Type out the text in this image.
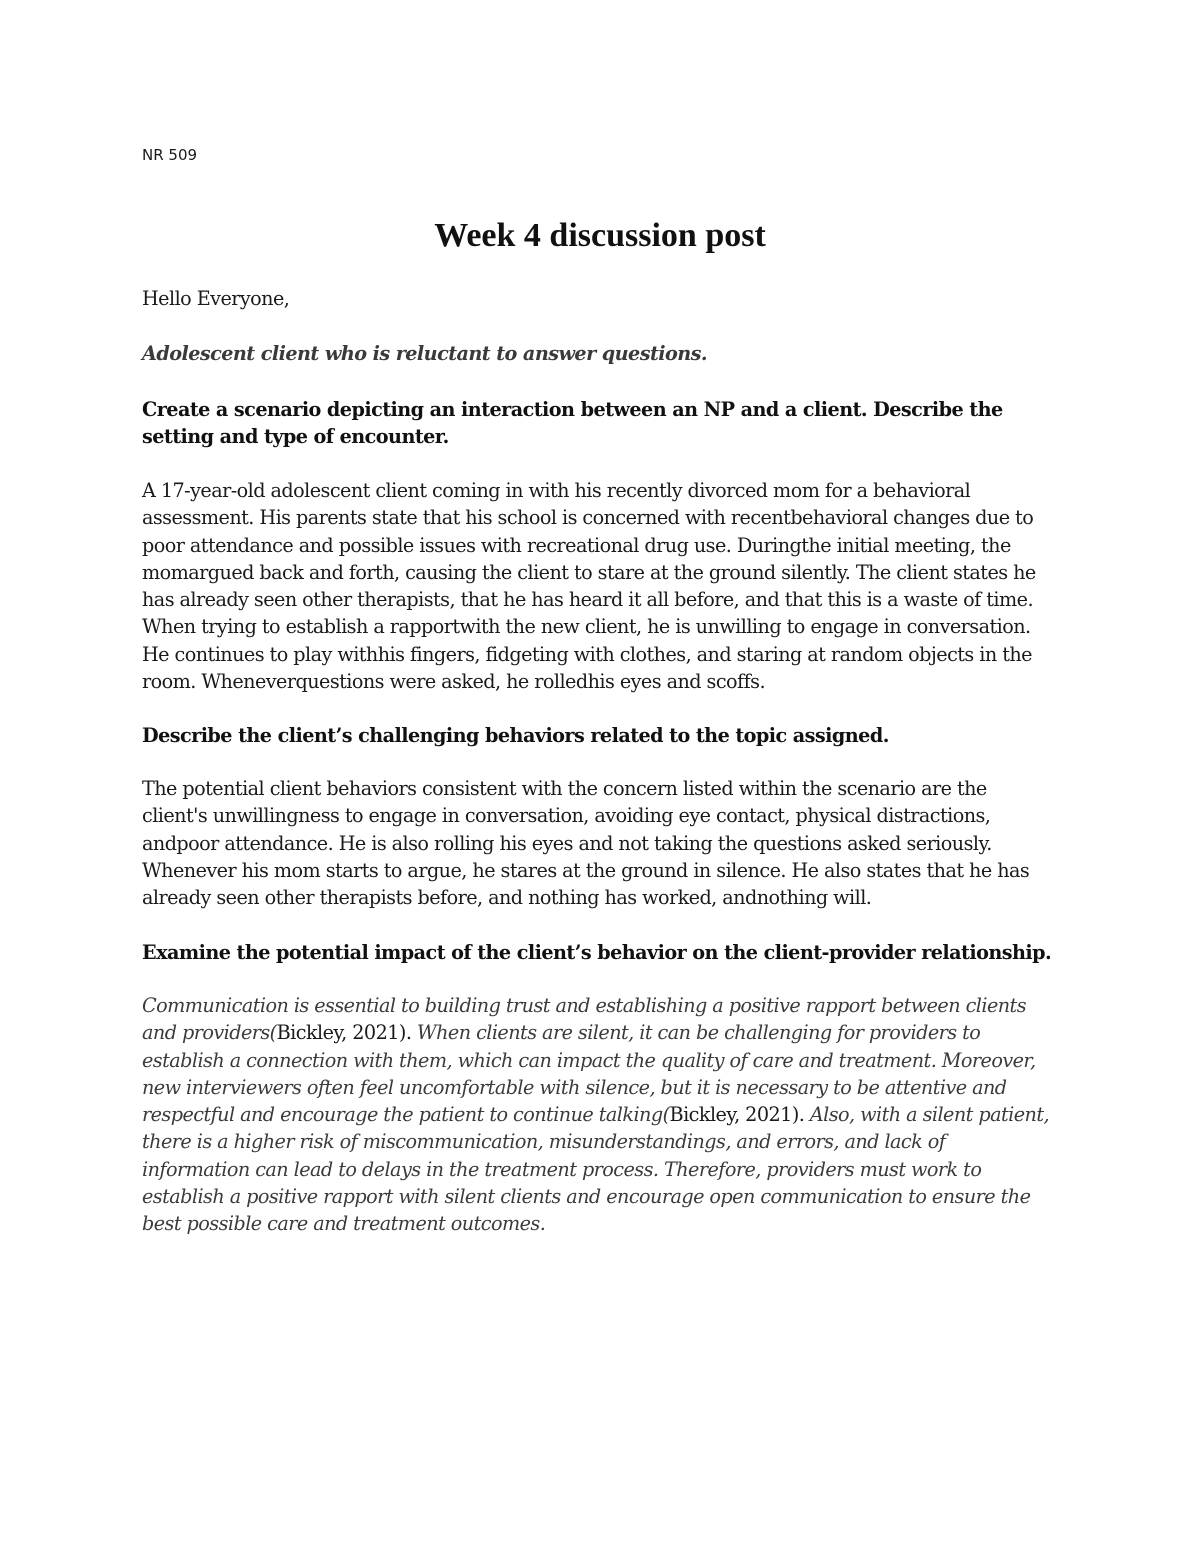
NR 509
Week 4 discussion post

Hello Everyone,

Adolescent client who is reluctant to answer questions.

Create a scenario depicting an interaction between an NP and a client. Describe the setting and type of encounter.

A 17-year-old adolescent client coming in with his recently divorced mom for a behavioral assessment. His parents state that his school is concerned with recentbehavioral changes due to poor attendance and possible issues with recreational drug use. Duringthe initial meeting, the momargued back and forth, causing the client to stare at the ground silently. The client states he has already seen other therapists, that he has heard it all before, and that this is a waste of time. When trying to establish a rapportwith the new client, he is unwilling to engage in conversation. He continues to play withhis fingers, fidgeting with clothes, and staring at random objects in the room. Wheneverquestions were asked, he rolledhis eyes and scoffs.

Describe the client’s challenging behaviors related to the topic assigned.

The potential client behaviors consistent with the concern listed within the scenario are the client's unwillingness to engage in conversation, avoiding eye contact, physical distractions, andpoor attendance. He is also rolling his eyes and not taking the questions asked seriously. Whenever his mom starts to argue, he stares at the ground in silence. He also states that he has already seen other therapists before, and nothing has worked, andnothing will.

Examine the potential impact of the client’s behavior on the client-provider relationship.

Communication is essential to building trust and establishing a positive rapport between clients and providers(Bickley, 2021). When clients are silent, it can be challenging for providers to establish a connection with them, which can impact the quality of care and treatment. Moreover, new interviewers often feel uncomfortable with silence, but it is necessary to be attentive and respectful and encourage the patient to continue talking(Bickley, 2021). Also, with a silent patient, there is a higher risk of miscommunication, misunderstandings, and errors, and lack of information can lead to delays in the treatment process. Therefore, providers must work to establish a positive rapport with silent clients and encourage open communication to ensure the best possible care and treatment outcomes.
